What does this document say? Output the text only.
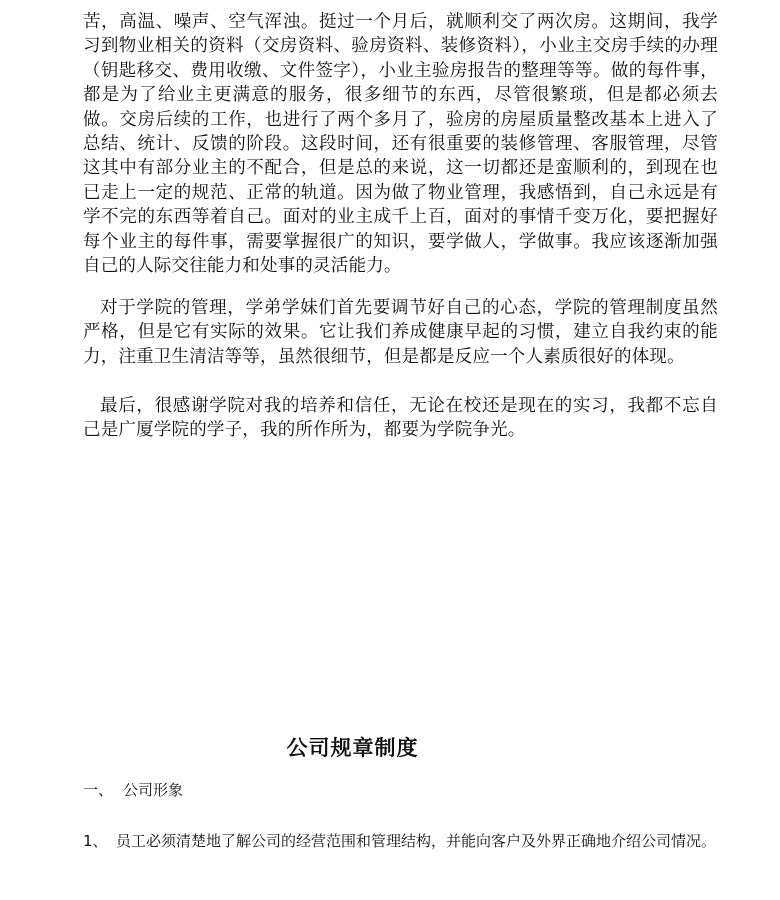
苦，高温、噪声、空气浑浊。挺过一个月后，就顺利交了两次房。这期间，我学习到物业相关的资料（交房资料、验房资料、装修资料），小业主交房手续的办理（钥匙移交、费用收缴、文件签字），小业主验房报告的整理等等。做的每件事，都是为了给业主更满意的服务，很多细节的东西，尽管很繁琐，但是都必须去做。交房后续的工作，也进行了两个多月了，验房的房屋质量整改基本上进入了总结、统计、反馈的阶段。这段时间，还有很重要的装修管理、客服管理，尽管这其中有部分业主的不配合，但是总的来说，这一切都还是蛮顺利的，到现在也已走上一定的规范、正常的轨道。因为做了物业管理，我感悟到，自己永远是有学不完的东西等着自己。面对的业主成千上百，面对的事情千变万化，要把握好每个业主的每件事，需要掌握很广的知识，要学做人，学做事。我应该逐渐加强自己的人际交往能力和处事的灵活能力。

对于学院的管理，学弟学妹们首先要调节好自己的心态，学院的管理制度虽然严格，但是它有实际的效果。它让我们养成健康早起的习惯，建立自我约束的能力，注重卫生清洁等等，虽然很细节，但是都是反应一个人素质很好的体现。

最后，很感谢学院对我的培养和信任，无论在校还是现在的实习，我都不忘自己是广厦学院的学子，我的所作所为，都要为学院争光。

公司规章制度

一、 公司形象

1、 员工必须清楚地了解公司的经营范围和管理结构，并能向客户及外界正确地介绍公司情况。
